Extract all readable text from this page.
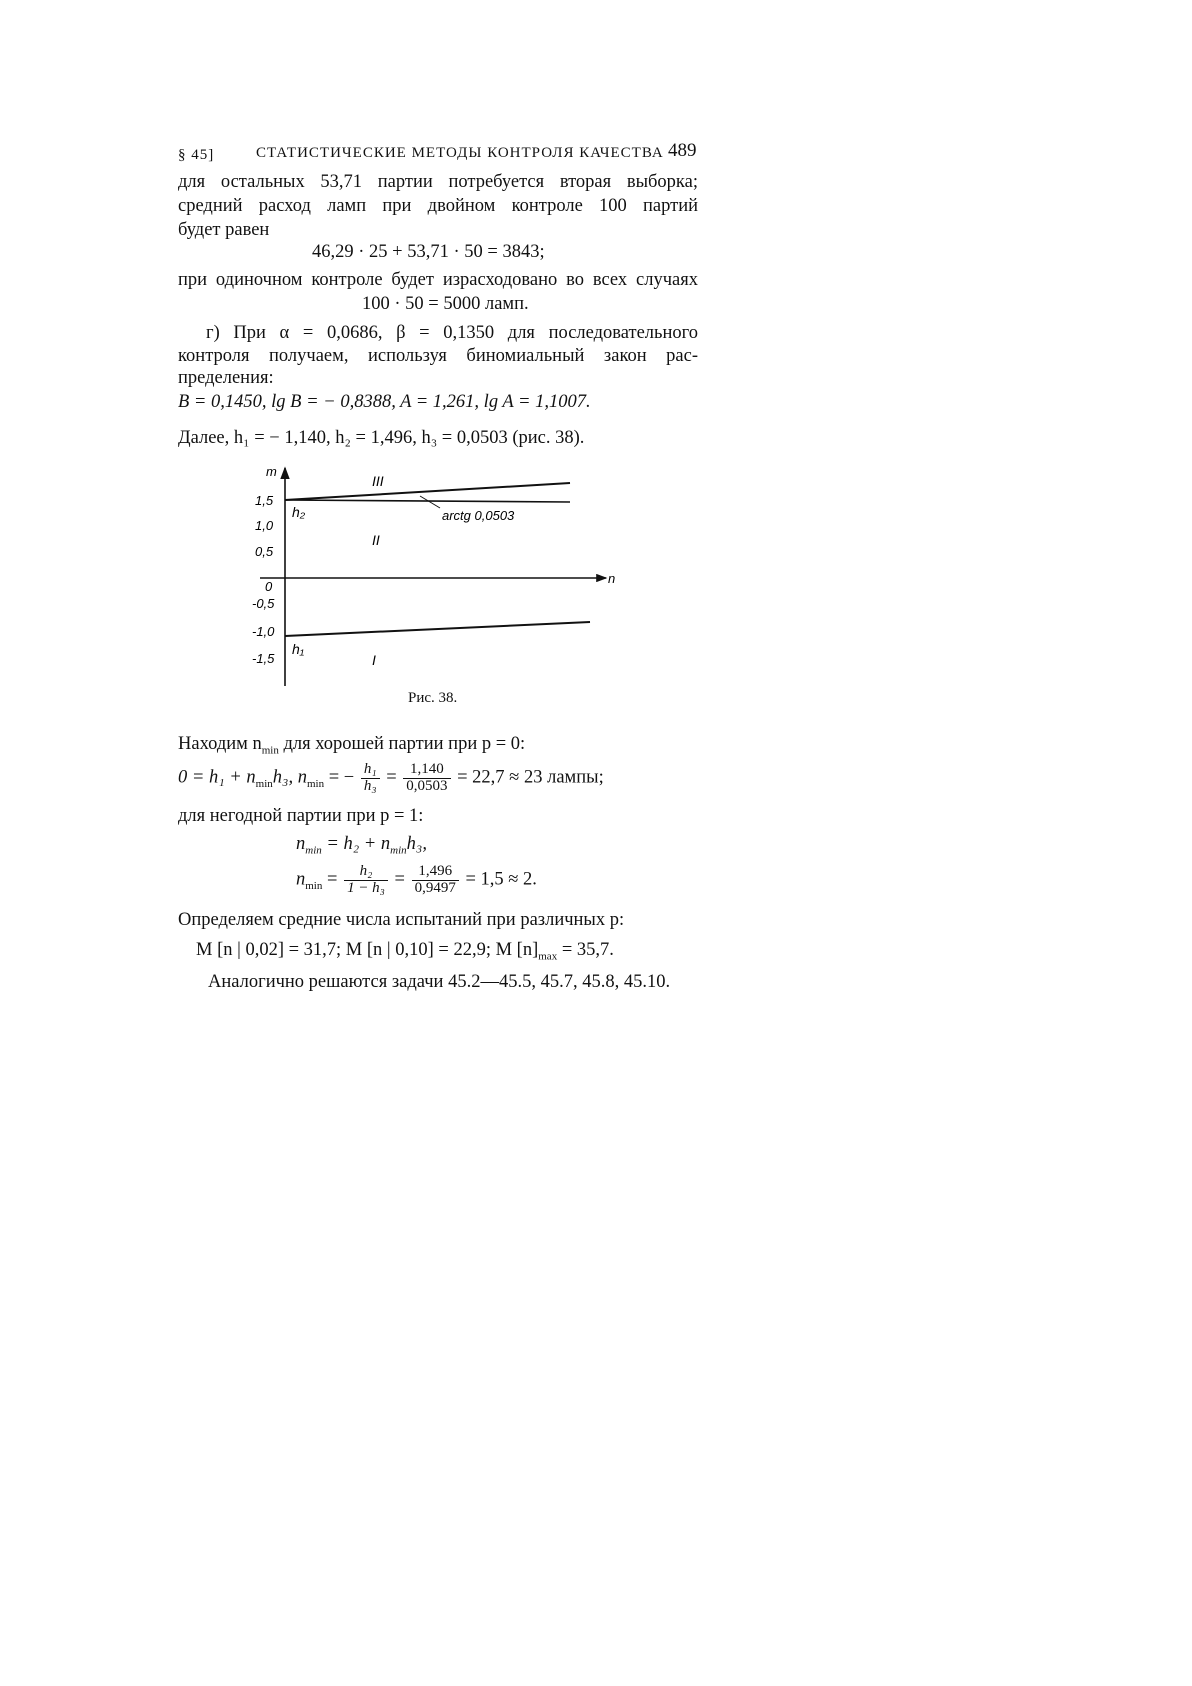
§ 45]	СТАТИСТИЧЕСКИЕ МЕТОДЫ КОНТРОЛЯ КАЧЕСТВА 489
для остальных 53,71 партии потребуется вторая выборка;
средний расход ламп при двойном контроле 100 партий
будет равен
46,29 · 25 + 53,71 · 50 = 3843;
при одиночном контроле будет израсходовано во всех случаях
100 · 50 = 5000 ламп.
г) При α = 0,0686, β = 0,1350 для последовательного
контроля получаем, используя биномиальный закон рас-
пределения:
B = 0,1450, lg B = − 0,8388, A = 1,261, lg A = 1,1007.
Далее, h₁ = − 1,140, h₂ = 1,496, h₃ = 0,0503 (рис. 38).
m
n
1,5
1,0
0,5
0
-0,5
-1,0
-1,5
h₂
h₁
III
II
I
arctg 0,0503
Рис. 38.
Находим $n_{min}$ для хорошей партии при p = 0:
$0 = h_1 + n_{min}h_3$, $n_{min}$ = − $\frac{\text{h₁}}{\text{h₃}} = \frac{1,140}{0,0503} = 22,7 \approx 23$ лампы;
для негодной партии при p = 1:
$n_{min} = h_2 + n_{min}h_3$,
$n_{min} = \frac{\text{h₂}}{\text{1 − h₃}} = \frac{1,496}{0,9497} = 1,5 \approx 2$.
Определяем средние числа испытаний при различных p:
M [n | 0,02] = 31,7; M [n | 0,10] = 22,9; M $[n]_{max} = 35,7$.
Аналогично решаются задачи 45.2—45.5, 45.7, 45.8, 45.10.
